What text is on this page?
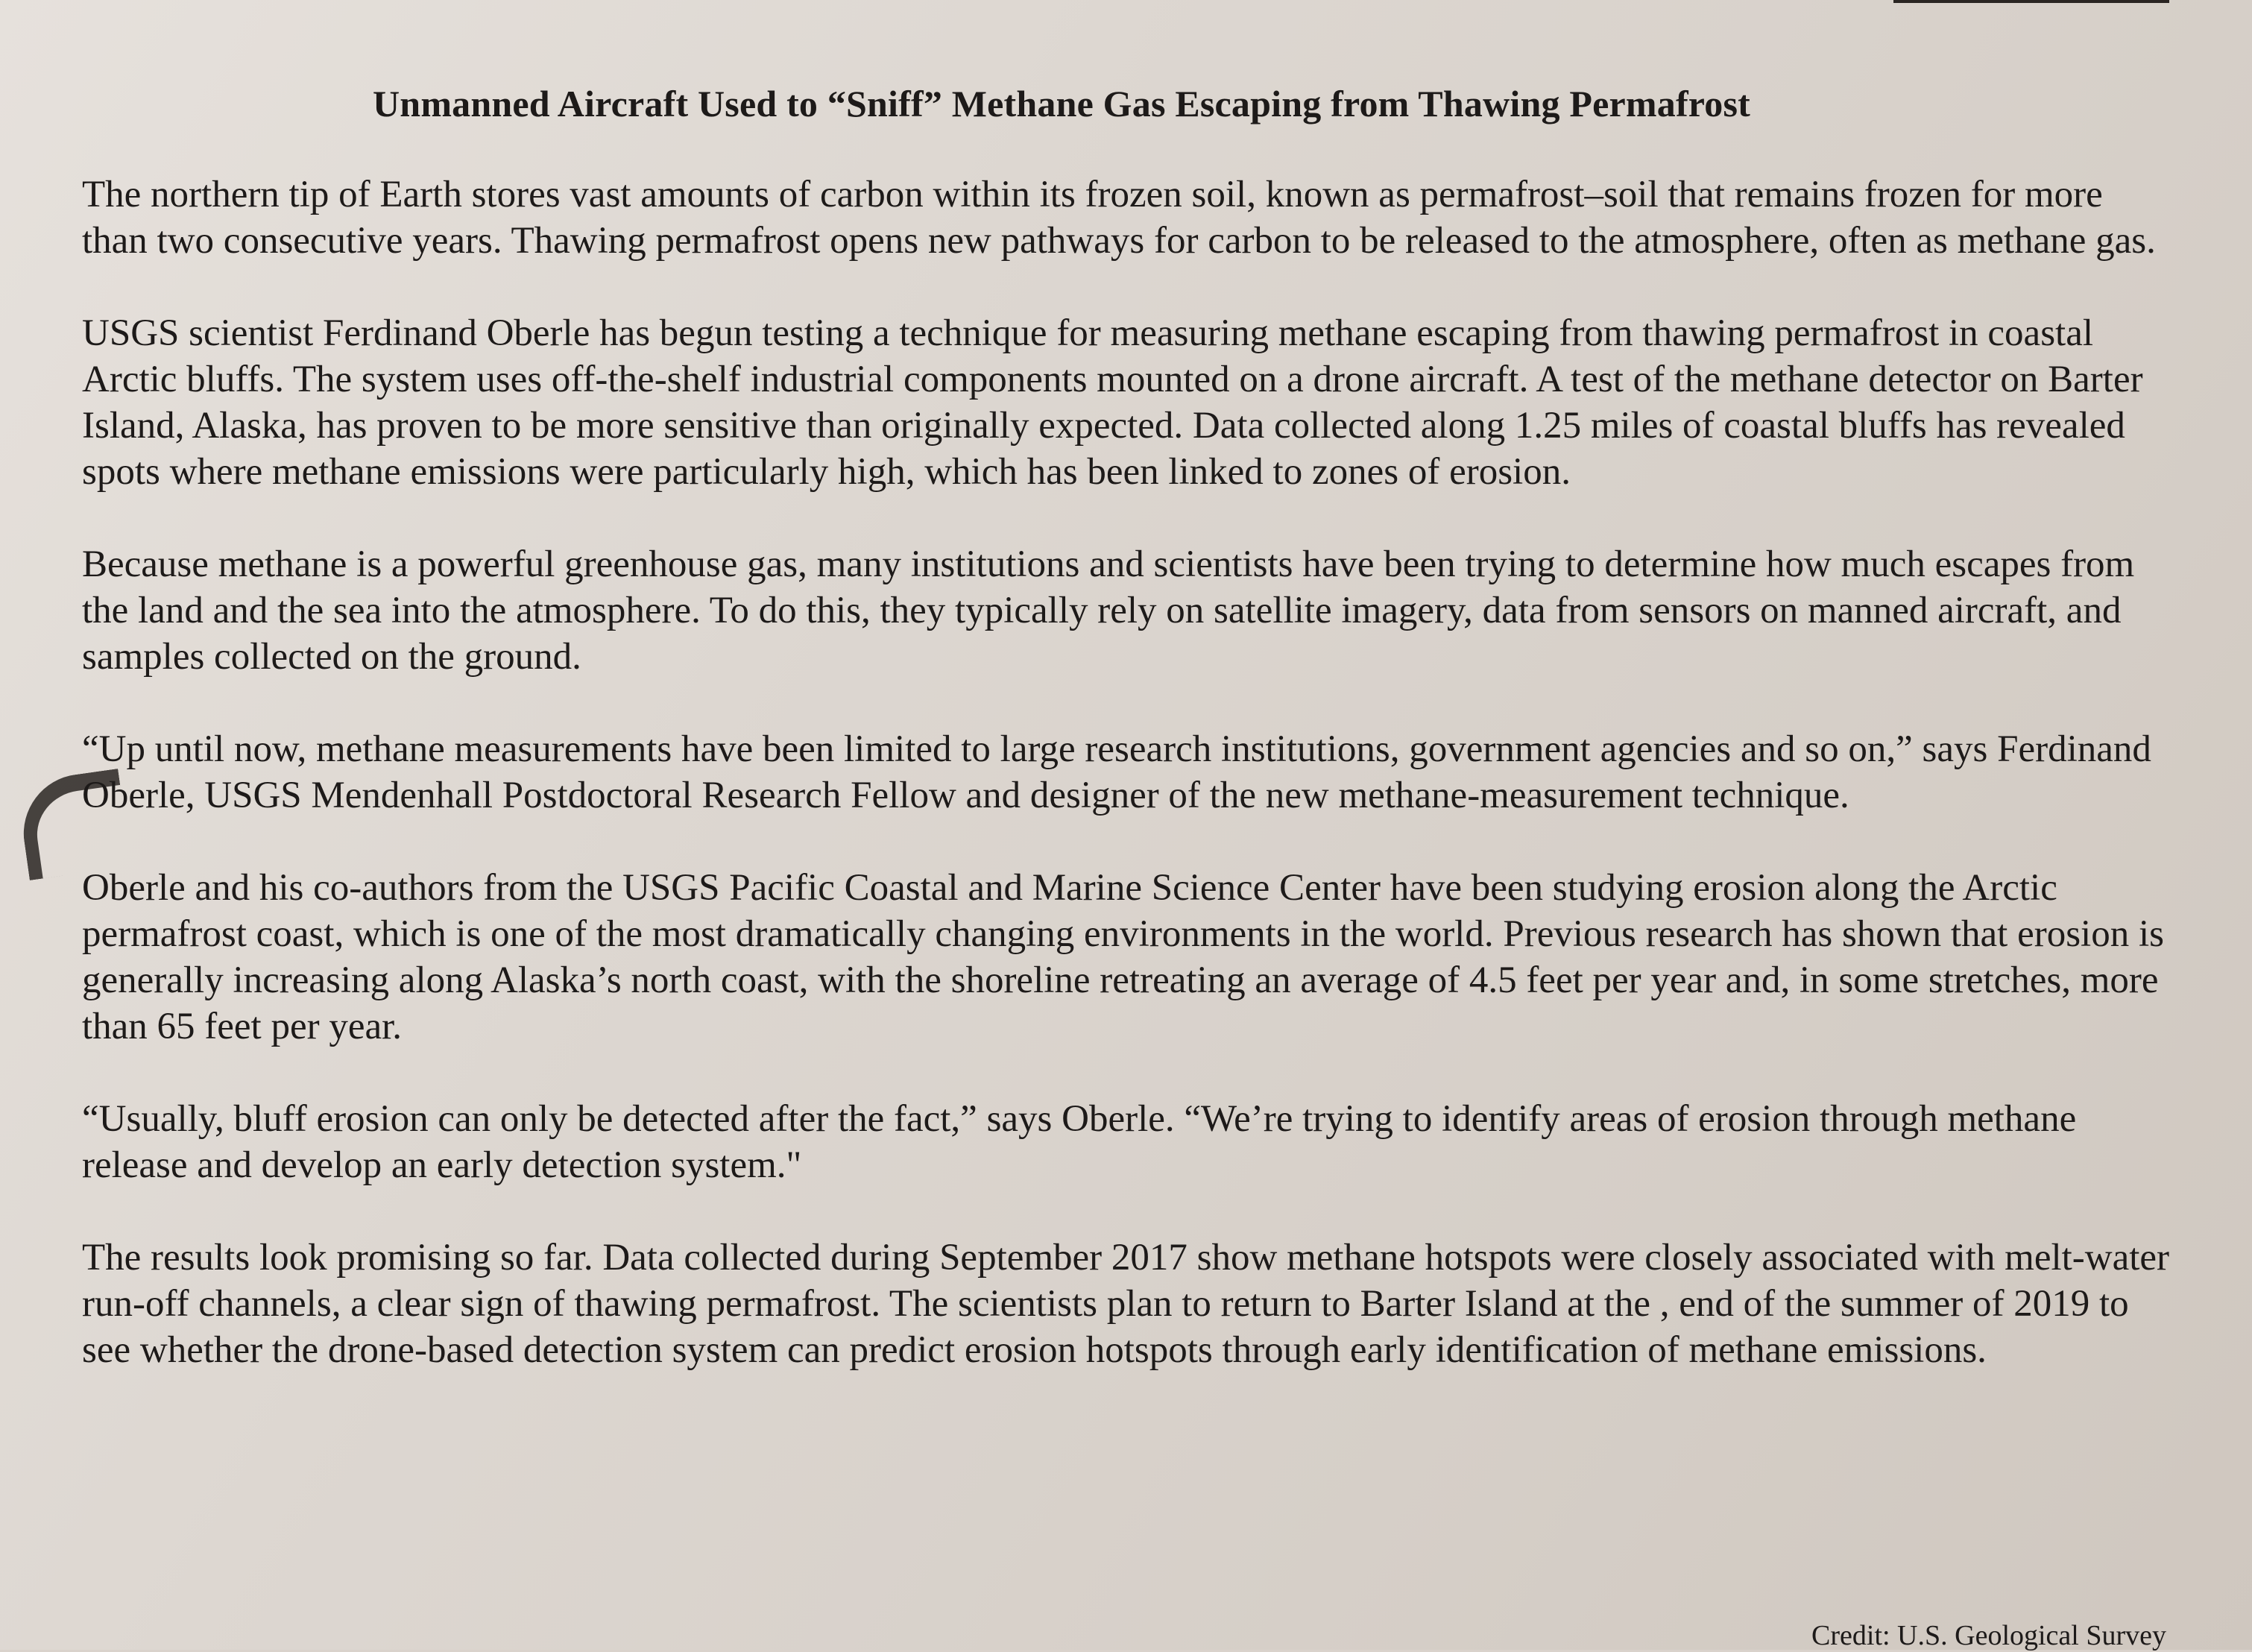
Unmanned Aircraft Used to “Sniff” Methane Gas Escaping from Thawing Permafrost

The northern tip of Earth stores vast amounts of carbon within its frozen soil, known as permafrost–soil that remains frozen for more than two consecutive years. Thawing permafrost opens new pathways for carbon to be released to the atmosphere, often as methane gas.

USGS scientist Ferdinand Oberle has begun testing a technique for measuring methane escaping from thawing permafrost in coastal Arctic bluffs. The system uses off-the-shelf industrial components mounted on a drone aircraft. A test of the methane detector on Barter Island, Alaska, has proven to be more sensitive than originally expected. Data collected along 1.25 miles of coastal bluffs has revealed spots where methane emissions were particularly high, which has been linked to zones of erosion.

Because methane is a powerful greenhouse gas, many institutions and scientists have been trying to determine how much escapes from the land and the sea into the atmosphere. To do this, they typically rely on satellite imagery, data from sensors on manned aircraft, and samples collected on the ground.

“Up until now, methane measurements have been limited to large research institutions, government agencies and so on,” says Ferdinand Oberle, USGS Mendenhall Postdoctoral Research Fellow and designer of the new methane-measurement technique.

Oberle and his co-authors from the USGS Pacific Coastal and Marine Science Center have been studying erosion along the Arctic permafrost coast, which is one of the most dramatically changing environments in the world. Previous research has shown that erosion is generally increasing along Alaska’s north coast, with the shoreline retreating an average of 4.5 feet per year and, in some stretches, more than 65 feet per year.

“Usually, bluff erosion can only be detected after the fact,” says Oberle. “We’re trying to identify areas of erosion through methane release and develop an early detection system."

The results look promising so far. Data collected during September 2017 show methane hotspots were closely associated with melt-water run-off channels, a clear sign of thawing permafrost. The scientists plan to return to Barter Island at the , end of the summer of 2019 to see whether the drone-based detection system can predict erosion hotspots through early identification of methane emissions.

Credit: U.S. Geological Survey
